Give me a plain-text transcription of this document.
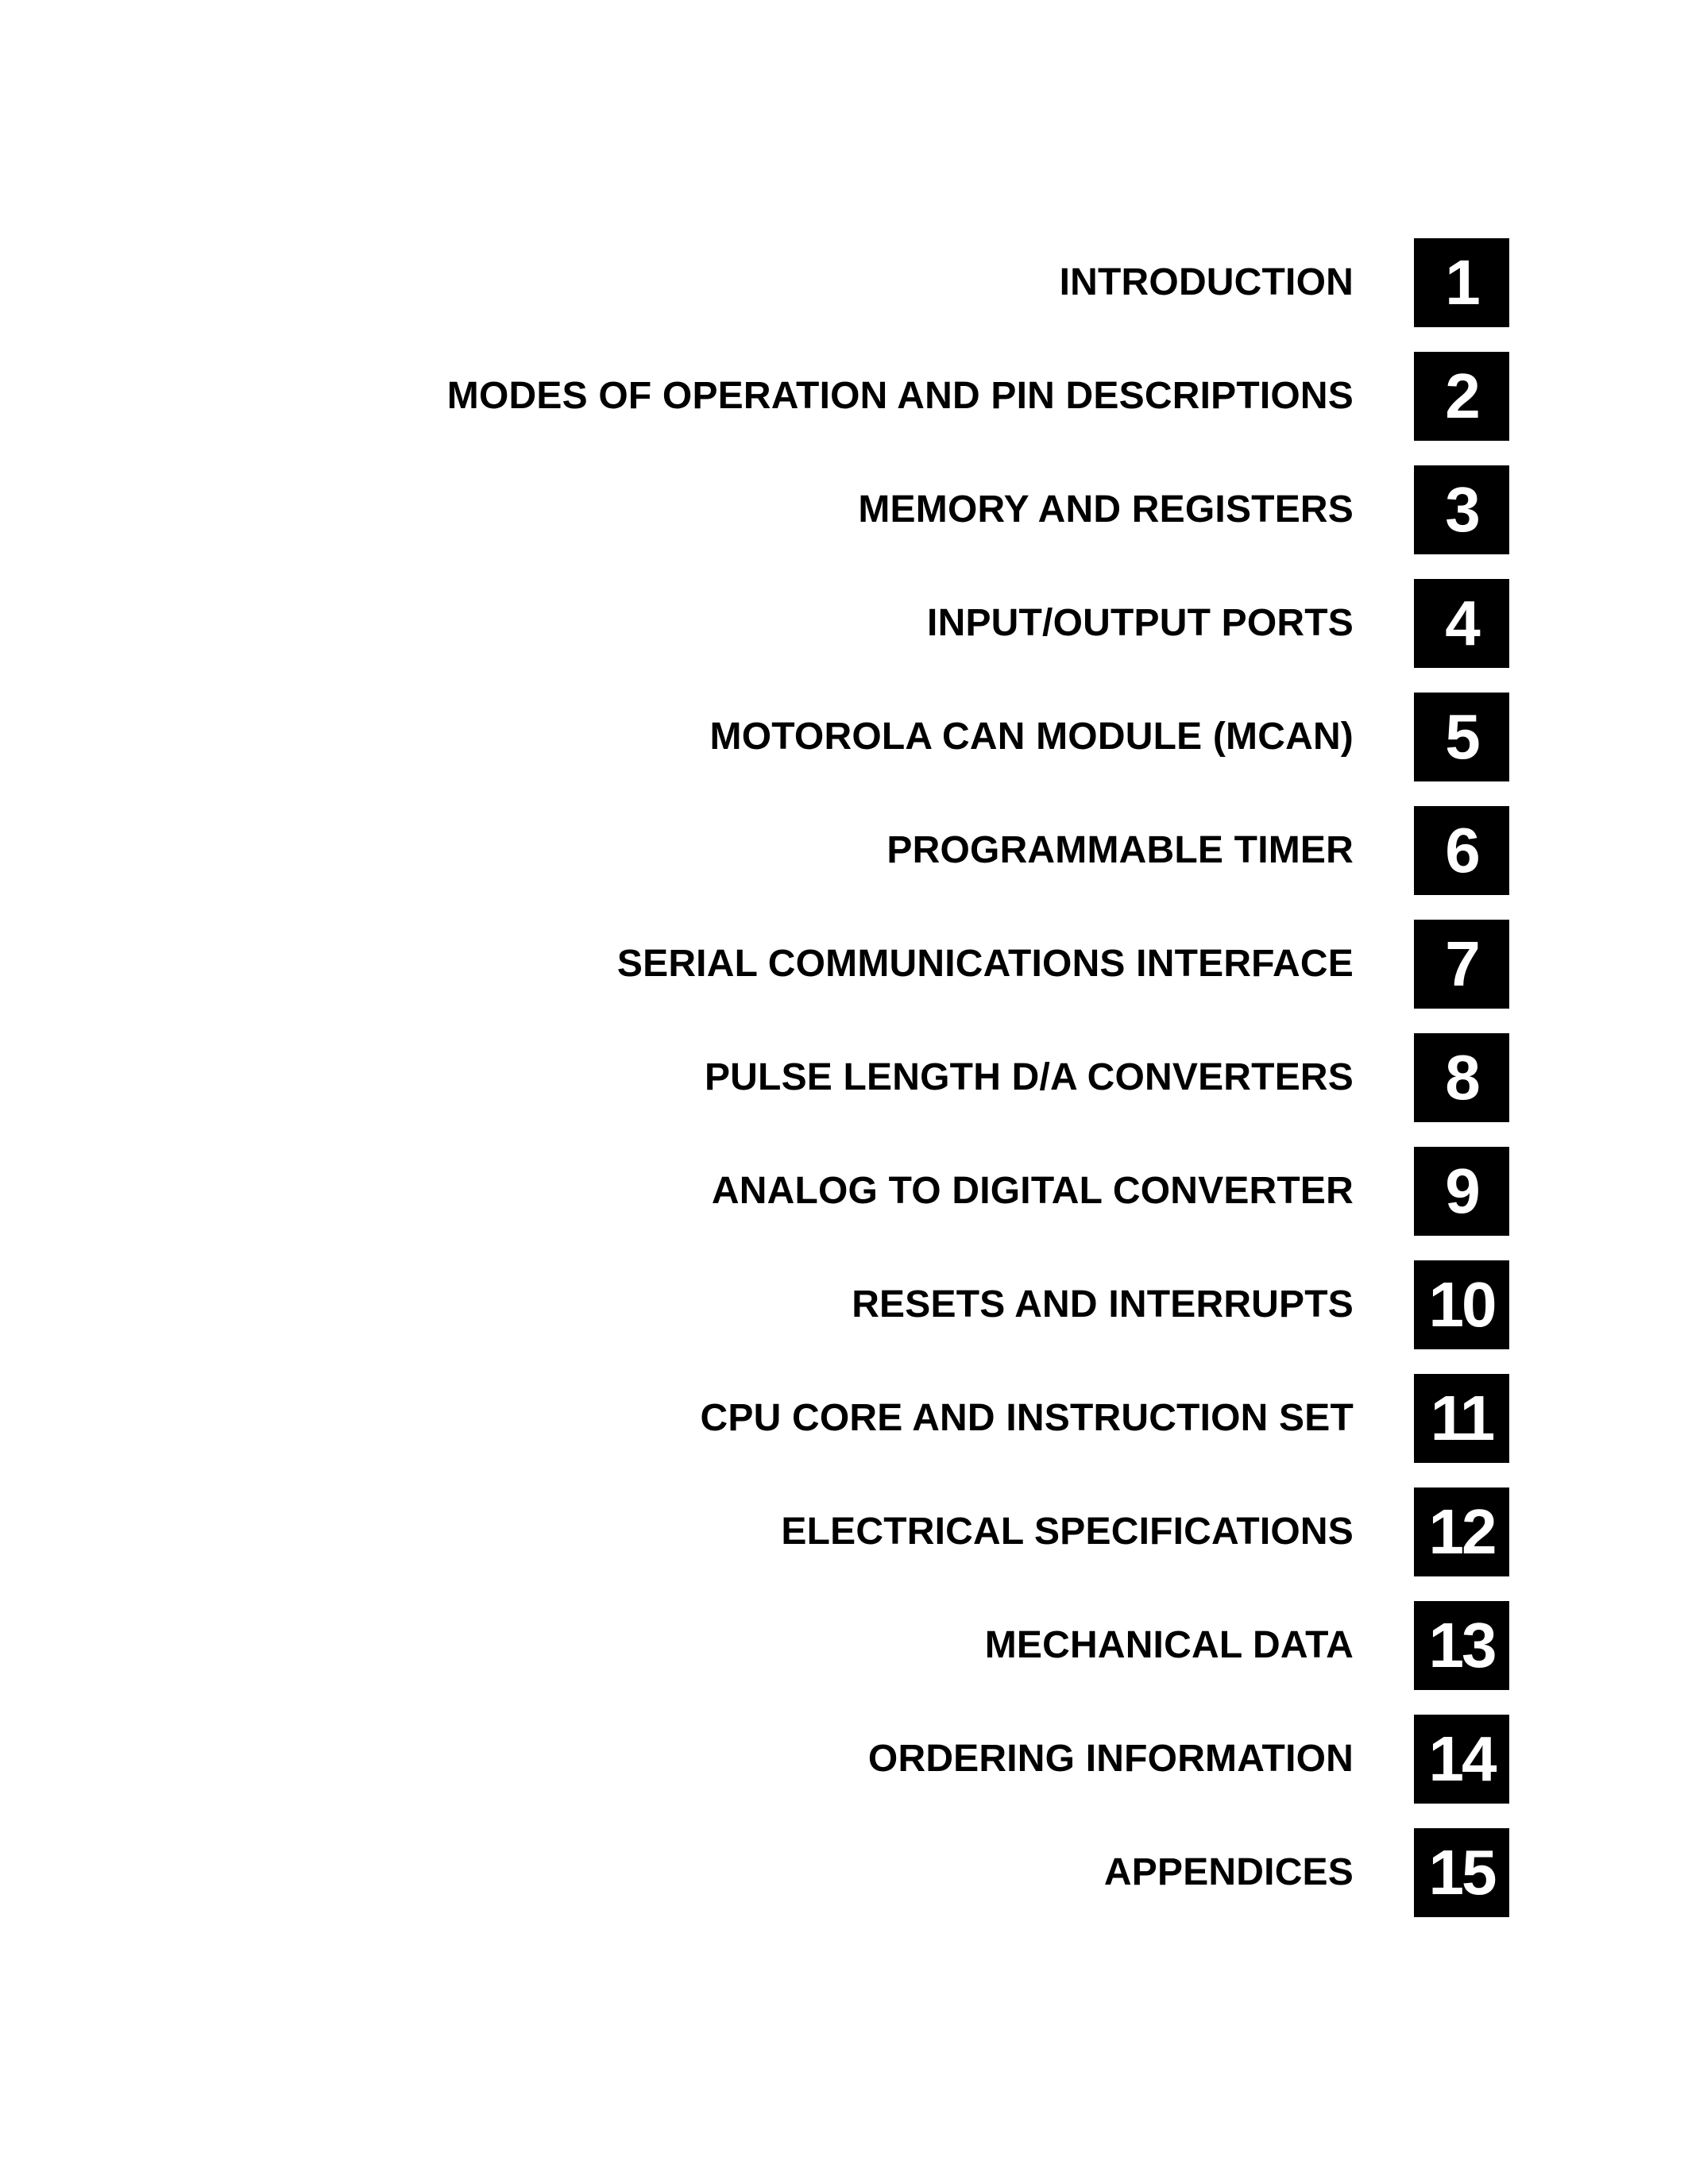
INTRODUCTION	1
MODES OF OPERATION AND PIN DESCRIPTIONS	2
MEMORY AND REGISTERS	3
INPUT/OUTPUT PORTS	4
MOTOROLA CAN MODULE (MCAN)	5
PROGRAMMABLE TIMER	6
SERIAL COMMUNICATIONS INTERFACE	7
PULSE LENGTH D/A CONVERTERS	8
ANALOG TO DIGITAL CONVERTER	9
RESETS AND INTERRUPTS 10
CPU CORE AND INSTRUCTION SET 11
ELECTRICAL SPECIFICATIONS 12
MECHANICAL DATA 13
ORDERING INFORMATION 14
APPENDICES 15
